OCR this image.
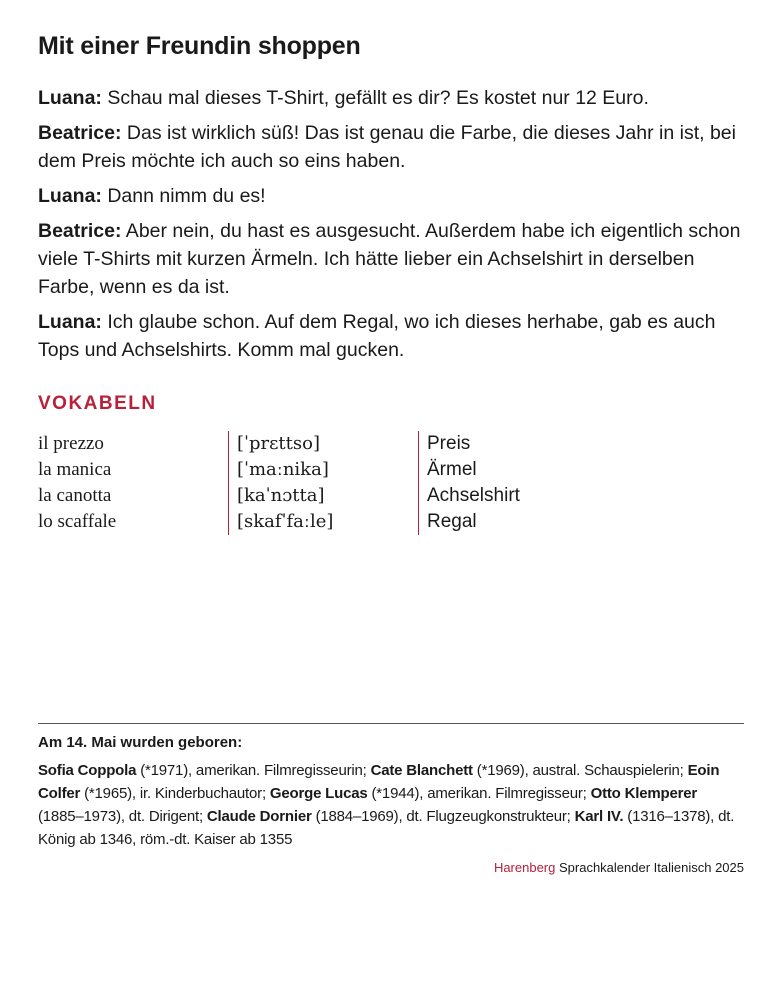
Mit einer Freundin shoppen

Luana: Schau mal dieses T-Shirt, gefällt es dir? Es kostet nur 12 Euro.

Beatrice: Das ist wirklich süß! Das ist genau die Farbe, die dieses Jahr in ist, bei dem Preis möchte ich auch so eins haben.

Luana: Dann nimm du es!

Beatrice: Aber nein, du hast es ausgesucht. Außerdem habe ich eigentlich schon viele T-Shirts mit kurzen Ärmeln. Ich hätte lieber ein Achselshirt in derselben Farbe, wenn es da ist.

Luana: Ich glaube schon. Auf dem Regal, wo ich dieses herhabe, gab es auch Tops und Achselshirts. Komm mal gucken.

VOKABELN
il prezzo	[ˈprɛttso]	Preis
la manica	[ˈmaːnika]	Ärmel
la canotta	[kaˈnɔtta]	Achselshirt
lo scaffale	[skafˈfaːle]	Regal
Am 14. Mai wurden geboren:

Sofia Coppola (*1971), amerikan. Filmregisseurin; Cate Blanchett (*1969), austral. Schauspielerin; Eoin Colfer (*1965), ir. Kinderbuchautor; George Lucas (*1944), amerikan. Filmregisseur; Otto Klemperer (1885–1973), dt. Dirigent; Claude Dornier (1884–1969), dt. Flugzeugkonstrukteur; Karl IV. (1316–1378), dt. König ab 1346, röm.-dt. Kaiser ab 1355

Harenberg Sprachkalender Italienisch 2025
